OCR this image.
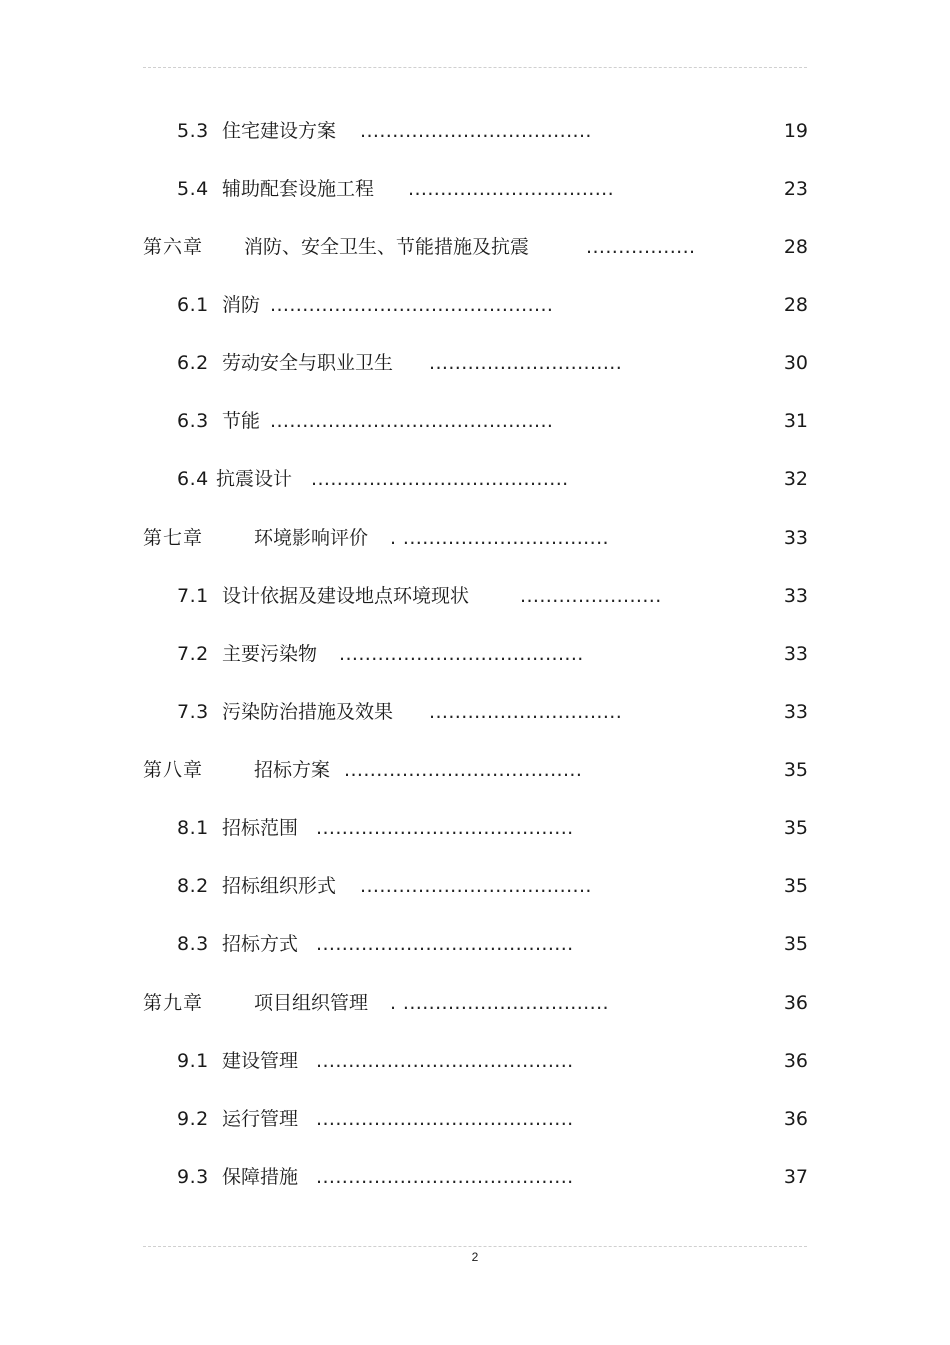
5.3 住宅建设方案 ....................................	19
5.4 辅助配套设施工程 ................................	23
第六章 消防、安全卫生、节能措施及抗震	.................	28
6.1 消防 ............................................	28
6.2 劳动安全与职业卫生 ..............................	30
6.3 节能 ............................................	31
6.4 抗震设计 ........................................	32
第七章	环境影响评价 . ................................	33
7.1 设计依据及建设地点环境现状	......................	33
7.2 主要污染物 ......................................	33
7.3 污染防治措施及效果 ..............................	33
第八章	招标方案 .....................................	35
8.1 招标范围 ........................................	35
8.2 招标组织形式 ....................................	35
8.3 招标方式 ........................................	35
第九章	项目组织管理 . ................................	36
9.1 建设管理 ........................................	36
9.2 运行管理 ........................................	36
9.3 保障措施 ........................................	37
2
